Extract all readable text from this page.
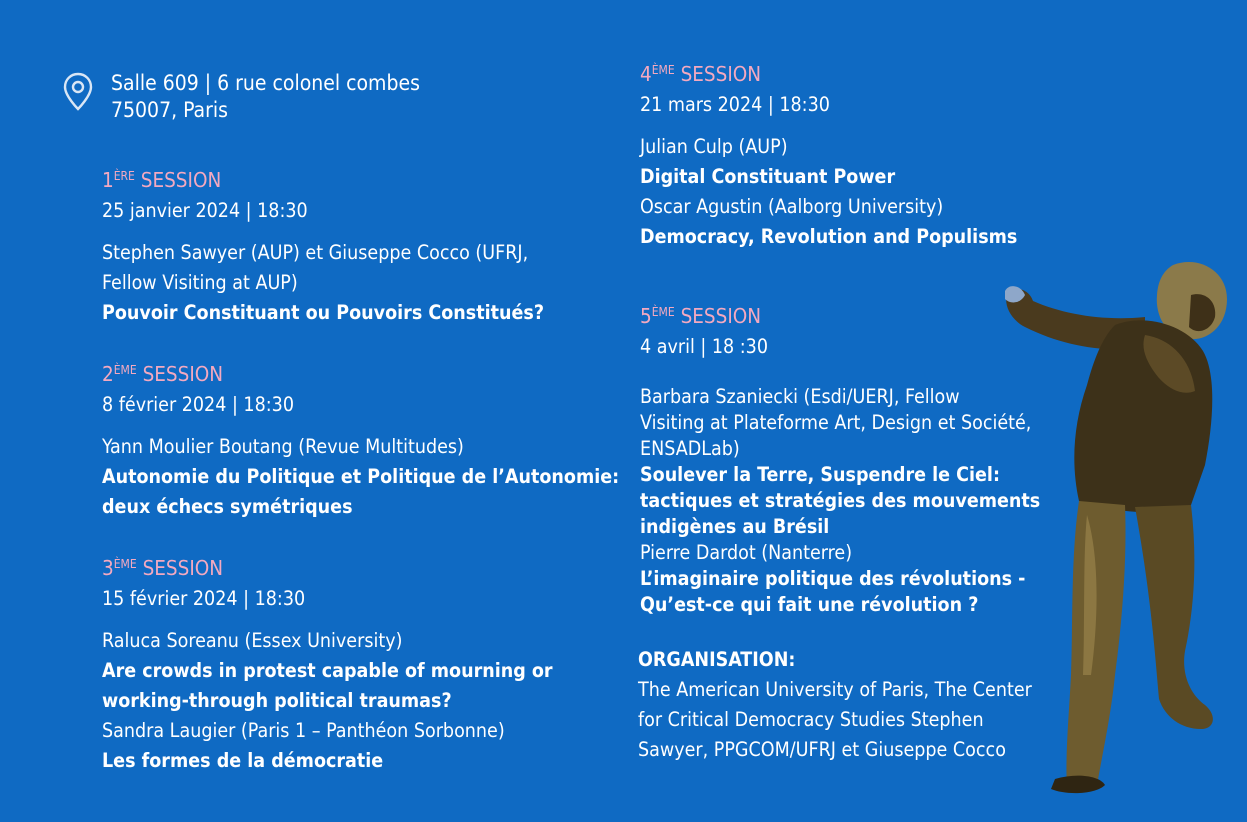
Salle 609 | 6 rue colonel combes
75007, Paris
1ÈRE SESSION
25 janvier 2024 | 18:30
Stephen Sawyer (AUP) et Giuseppe Cocco (UFRJ,
Fellow Visiting at AUP)
Pouvoir Constituant ou Pouvoirs Constitués?
2ÈME SESSION
8 février 2024 | 18:30
Yann Moulier Boutang (Revue Multitudes)
Autonomie du Politique et Politique de l’Autonomie:
deux échecs symétriques
3ÈME SESSION
15 février 2024 | 18:30
Raluca Soreanu (Essex University)
Are crowds in protest capable of mourning or
working-through political traumas?
Sandra Laugier (Paris 1 – Panthéon Sorbonne)
Les formes de la démocratie
4ÈME SESSION
21 mars 2024 | 18:30
Julian Culp (AUP)
Digital Constituant Power
Oscar Agustin (Aalborg University)
Democracy, Revolution and Populisms
5ÈME SESSION
4 avril | 18 :30
Barbara Szaniecki (Esdi/UERJ, Fellow
Visiting at Plateforme Art, Design et Société,
ENSADLab)
Soulever la Terre, Suspendre le Ciel:
tactiques et stratégies des mouvements
indigènes au Brésil
Pierre Dardot (Nanterre)
L’imaginaire politique des révolutions -
Qu’est-ce qui fait une révolution ?
ORGANISATION:
The American University of Paris, The Center
for Critical Democracy Studies Stephen
Sawyer, PPGCOM/UFRJ et Giuseppe Cocco
